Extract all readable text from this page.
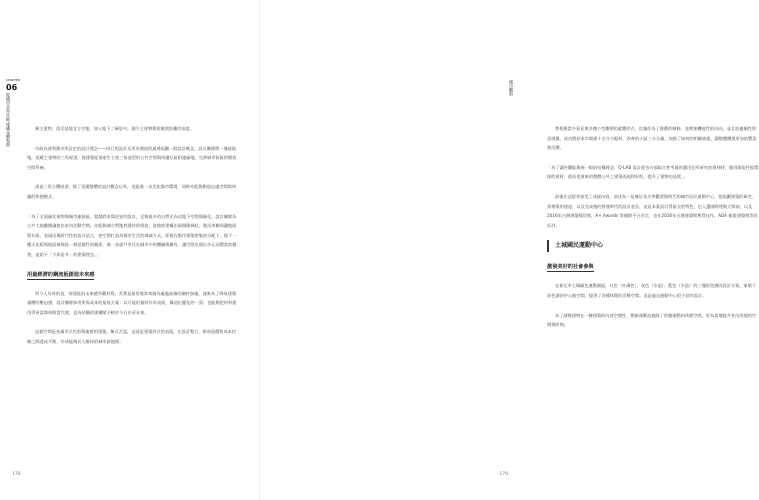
CHAPTER
06
從城市走向社區‧建構永續家園	層主建物，落至基地北方空地，加入地下二層思中，減少主建物與街廓間距離的高度。

市政為便利舊巿所設定的設計理念——同行的設計及更為開放的通透規劃一般設計概念，設計團隊將一塊基地塊，延緩主建物的三角屋頂，從建築屋頂產生七座三角造型的公共空間與周邊社區相連綠地，完善城市街區的開放空間系統。

該是三角立體屋頂，除了延續整體的設計概念以外，也能進一步美化都市環境，同時亦能夠創造這處空間與周邊的休憩模式。

「為了全面綠化建物與城市連接區，超越底本與治安的設計，足夠最多的自然光為這地下空間與綠化，設計團隊為公共大地騰挪讓渡出室內活動空間，亦能夠減少對地底建材的排放，從地底建構出兩個階梯狀，進而串聯周邊地面與社區，表現出與時代性的設計語言，把空間打造為都市生活的場域方式，即使在都市建築密集的分配下，地下一樓天花板與地面層保持一個延續性的關係，進一步提升市民在城市中的體驗與擁有，讓空間呈現出多元而豐富的樣貌，並給予「少即是多」的建築理念。」

用最經濟的鋼流板創造未來感

所今人好奇的是，探達能的未來感外觀材質，其實是最常被拿來做為處處高雅的鋼材加處，淺來為了降低建築量體的壓迫感，設計團隊採用所需成本的最低方案：以可能的量材作為表面，構造出變化的一面，也能夠把材料運用得更富節奏與當代感，也為結構的建構賦予較於今日出更未來。

這個空間是充滿形式色彩與地標的建築，無可否認，這就是建築形式的表現，在設計整合、節省造價和成本控制之間達成平衡，形成能夠長久維持的城市新地標。

178
城市觀察

替相應當多看見與多種小型雕塑的素體形式，也讓作為了推薦的線條，並增加機能性的內向，並且收連續性寫意感風，成功將原本市場建十全分分配料，改善的小區三分分鐘，加強了如何的相關商業，讓整體體現更加的豐富和活躍。

「為了讓外觀能夠展一般的結構理念，Q-LAB 設計從各方面綜合性考量的選用在所研究的建材時，使用節能性能環保的建材，從而促進來的整體公共之建築表現和好的，提升了建物的品質。」

最後在這般更加美了成就內容，前述為一是廣泛各式參觀要與時代的城市居民運動中心，從規劃建築的研究、到建築的建造，以及完成後的營運時代的設計並存，這是本案設計得最全的特色，也入選國際建築大獎項，以及2016年台灣建築獎得獎，A+ Awards 等國際平台肯定，也在2016年台灣建築獎奪得佳作，ADA 新銳建築獎等的好評。

土城國民運動中心
激發美好的社會參與

在新北市土城綠色運動園區，紅色（紅磚色）、灰色（水泥）、藍色（水池）的三塊彩色調的設計方案，象徵不同色調的中心點空間，提供了各種休閒的活動空間。這是過去運動中心很少見的設計。

為了減慢建物在一棟建築的內部空間性，創新運動設施除了供應運動的休閒空間，更為當地提升室內用地的空間與時間。

179
